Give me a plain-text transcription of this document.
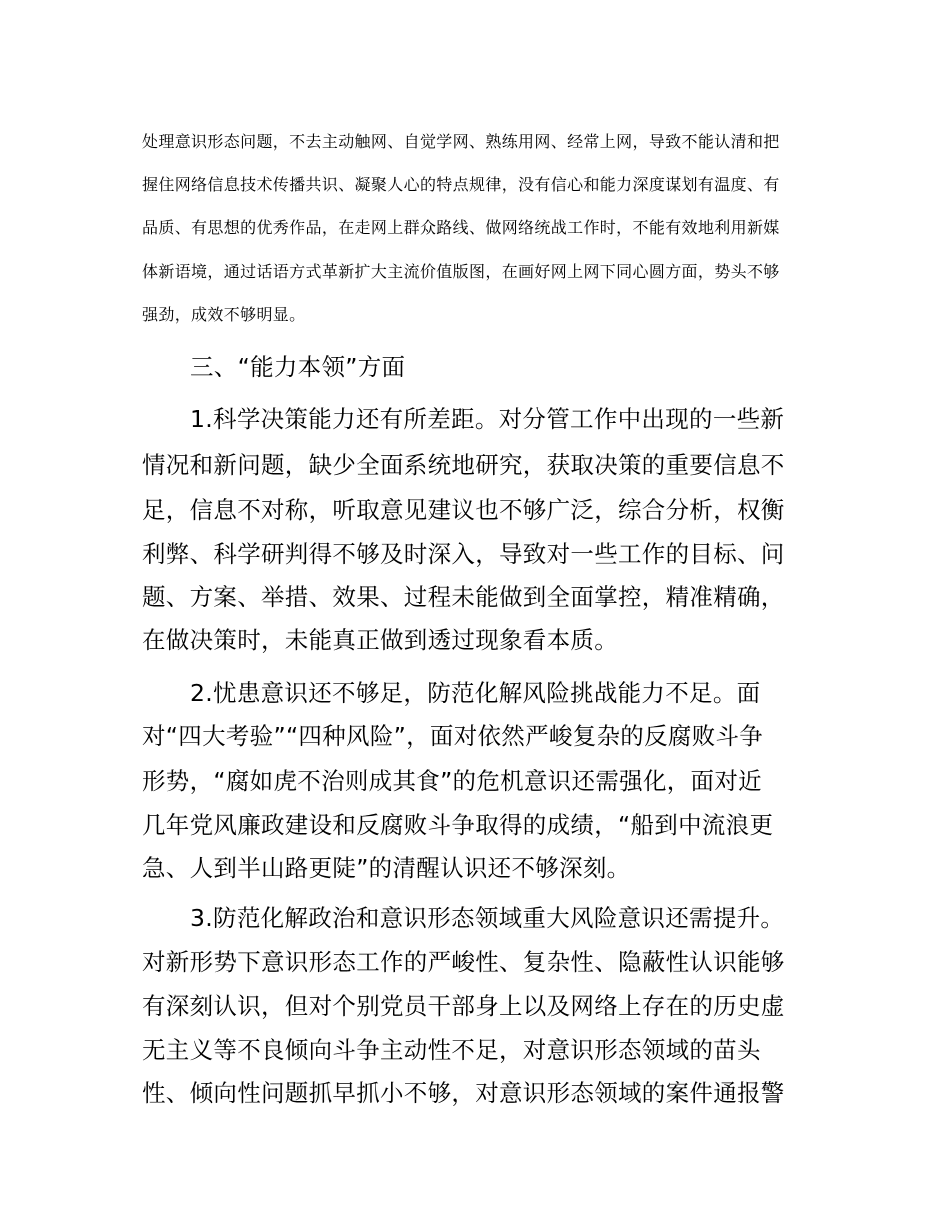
处理意识形态问题，不去主动触网、自觉学网、熟练用网、经常上网，导致不能认清和把

握住网络信息技术传播共识、凝聚人心的特点规律，没有信心和能力深度谋划有温度、有

品质、有思想的优秀作品，在走网上群众路线、做网络统战工作时，不能有效地利用新媒

体新语境，通过话语方式革新扩大主流价值版图，在画好网上网下同心圆方面，势头不够

强劲，成效不够明显。

三、“能力本领”方面

1.科学决策能力还有所差距。对分管工作中出现的一些新

情况和新问题，缺少全面系统地研究，获取决策的重要信息不

足，信息不对称，听取意见建议也不够广泛，综合分析，权衡

利弊、科学研判得不够及时深入，导致对一些工作的目标、问

题、方案、举措、效果、过程未能做到全面掌控，精准精确，

在做决策时，未能真正做到透过现象看本质。

2.忧患意识还不够足，防范化解风险挑战能力不足。面

对“四大考验”“四种风险”，面对依然严峻复杂的反腐败斗争

形势，“腐如虎不治则成其食”的危机意识还需强化，面对近

几年党风廉政建设和反腐败斗争取得的成绩，“船到中流浪更

急、人到半山路更陡”的清醒认识还不够深刻。

3.防范化解政治和意识形态领域重大风险意识还需提升。

对新形势下意识形态工作的严峻性、复杂性、隐蔽性认识能够

有深刻认识，但对个别党员干部身上以及网络上存在的历史虚

无主义等不良倾向斗争主动性不足，对意识形态领域的苗头

性、倾向性问题抓早抓小不够，对意识形态领域的案件通报警
